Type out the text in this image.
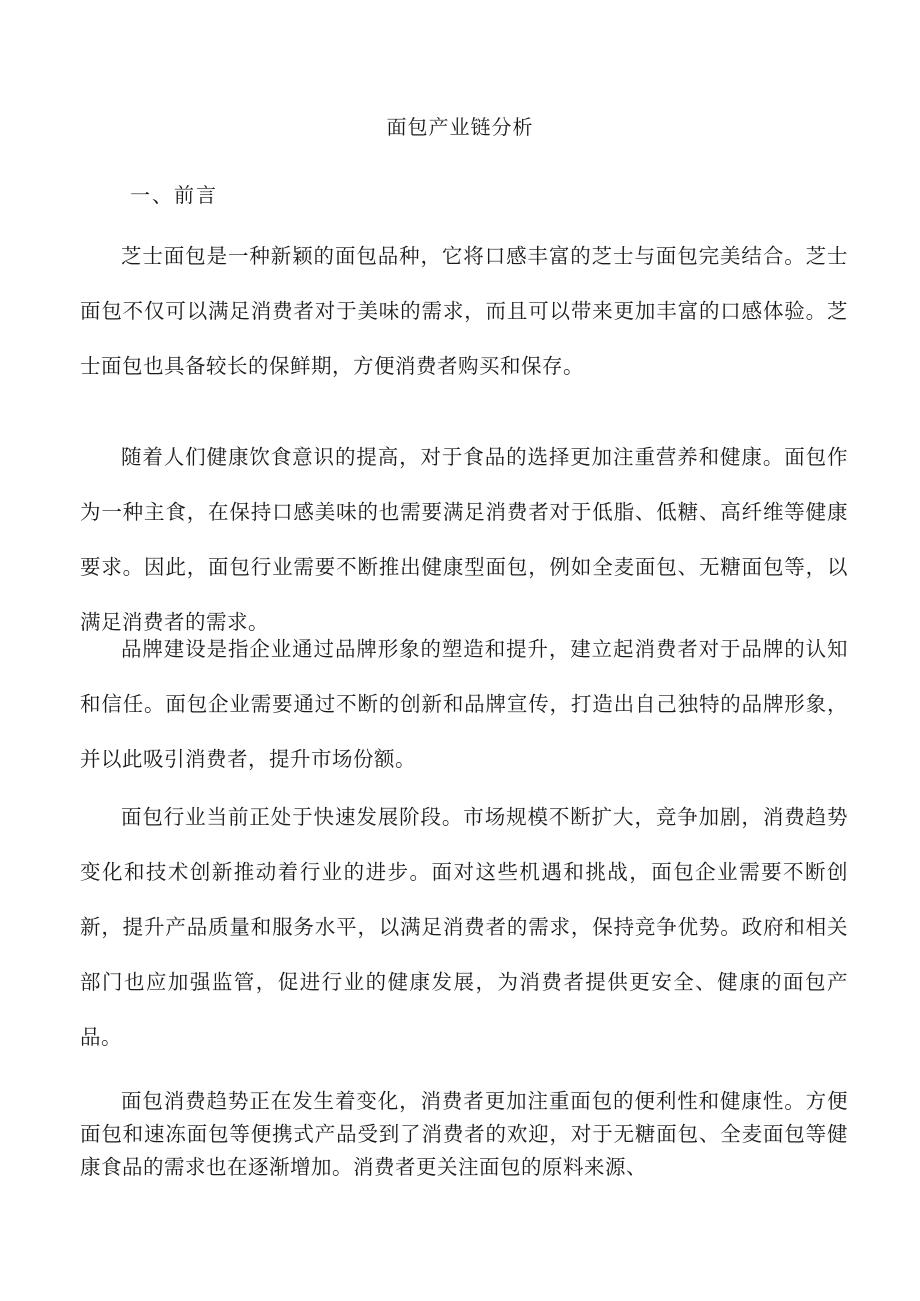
面包产业链分析
一、前言

芝士面包是一种新颖的面包品种，它将口感丰富的芝士与面包完美结合。芝士面包不仅可以满足消费者对于美味的需求，而且可以带来更加丰富的口感体验。芝士面包也具备较长的保鲜期，方便消费者购买和保存。

随着人们健康饮食意识的提高，对于食品的选择更加注重营养和健康。面包作为一种主食，在保持口感美味的也需要满足消费者对于低脂、低糖、高纤维等健康要求。因此，面包行业需要不断推出健康型面包，例如全麦面包、无糖面包等，以满足消费者的需求。

品牌建设是指企业通过品牌形象的塑造和提升，建立起消费者对于品牌的认知和信任。面包企业需要通过不断的创新和品牌宣传，打造出自己独特的品牌形象，并以此吸引消费者，提升市场份额。

面包行业当前正处于快速发展阶段。市场规模不断扩大，竞争加剧，消费趋势变化和技术创新推动着行业的进步。面对这些机遇和挑战，面包企业需要不断创新，提升产品质量和服务水平，以满足消费者的需求，保持竞争优势。政府和相关部门也应加强监管，促进行业的健康发展，为消费者提供更安全、健康的面包产品。

面包消费趋势正在发生着变化，消费者更加注重面包的便利性和健康性。方便面包和速冻面包等便携式产品受到了消费者的欢迎，对于无糖面包、全麦面包等健康食品的需求也在逐渐增加。消费者更关注面包的原料来源、
